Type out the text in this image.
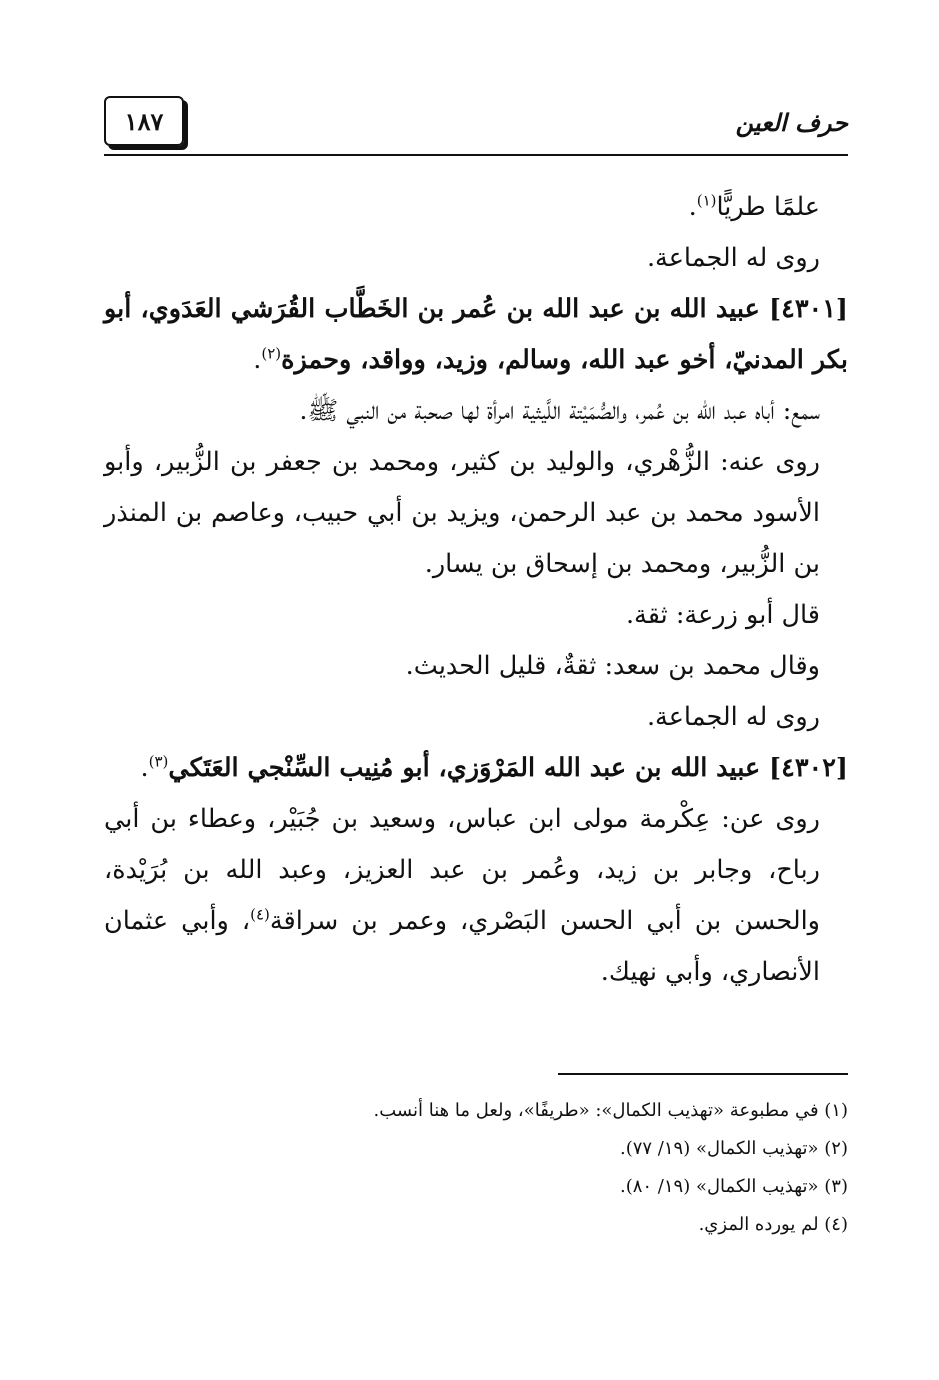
١٨٧	حرف العين

علمًا طريًّا$^{(١)}$.

روى له الجماعة.

[٤٣٠١] عبيد الله بن عبد الله بن عُمر بن الخَطَّاب القُرَشي العَدَوي، أبو بكر المدنيّ، أخو عبد الله، وسالم، وزيد، وواقد، وحمزة$^{(٢)}$.

سمع: أباه عبد الله بن عُمر، والصُّمَيْتة اللَّيثية امرأة لها صحبة من النبي ﷺ.

روى عنه: الزُّهْري، والوليد بن كثير، ومحمد بن جعفر بن الزُّبير، وأبو الأسود محمد بن عبد الرحمن، ويزيد بن أبي حبيب، وعاصم بن المنذر بن الزُّبير، ومحمد بن إسحاق بن يسار.

قال أبو زرعة: ثقة.

وقال محمد بن سعد: ثقةٌ، قليل الحديث.

روى له الجماعة.

[٤٣٠٢] عبيد الله بن عبد الله المَرْوَزي، أبو مُنِيب السِّنْجي العَتَكي$^{(٣)}$.

روى عن: عِكْرمة مولى ابن عباس، وسعيد بن جُبَيْر، وعطاء بن أبي رباح، وجابر بن زيد، وعُمر بن عبد العزيز، وعبد الله بن بُرَيْدة، والحسن بن أبي الحسن البَصْري، وعمر بن سراقة$^{(٤)}$، وأبي عثمان الأنصاري، وأبي نهيك.

(١) في مطبوعة «تهذيب الكمال»: «طريفًا»، ولعل ما هنا أنسب.

(٢) «تهذيب الكمال» (١٩/ ٧٧).

(٣) «تهذيب الكمال» (١٩/ ٨٠).

(٤) لم يورده المزي.
